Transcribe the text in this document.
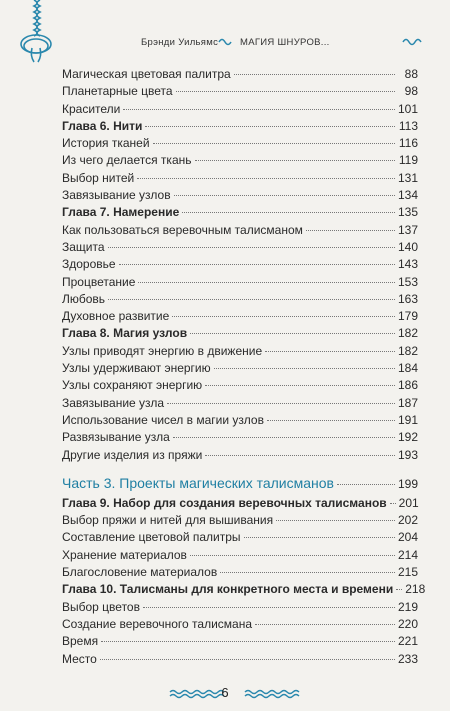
Брэнди Уильямс МАГИЯ ШНУРОВ...
Магическая цветовая палитра	88
Планетарные цвета	98
Красители	101
Глава 6. Нити	113
История тканей	116
Из чего делается ткань	119
Выбор нитей	131
Завязывание узлов	134
Глава 7. Намерение	135
Как пользоваться веревочным талисманом	137
Защита	140
Здоровье	143
Процветание	153
Любовь	163
Духовное развитие	179
Глава 8. Магия узлов	182
Узлы приводят энергию в движение	182
Узлы удерживают энергию	184
Узлы сохраняют энергию	186
Завязывание узла	187
Использование чисел в магии узлов	191
Развязывание узла	192
Другие изделия из пряжи	193
Часть 3. Проекты магических талисманов	199
Глава 9. Набор для создания веревочных талисманов 201
Выбор пряжи и нитей для вышивания	202
Составление цветовой палитры	204
Хранение материалов	214
Благословение материалов	215
Глава 10. Талисманы для конкретного места и времени 218
Выбор цветов	219
Создание веревочного талисмана	220
Время	221
Место	233
6
